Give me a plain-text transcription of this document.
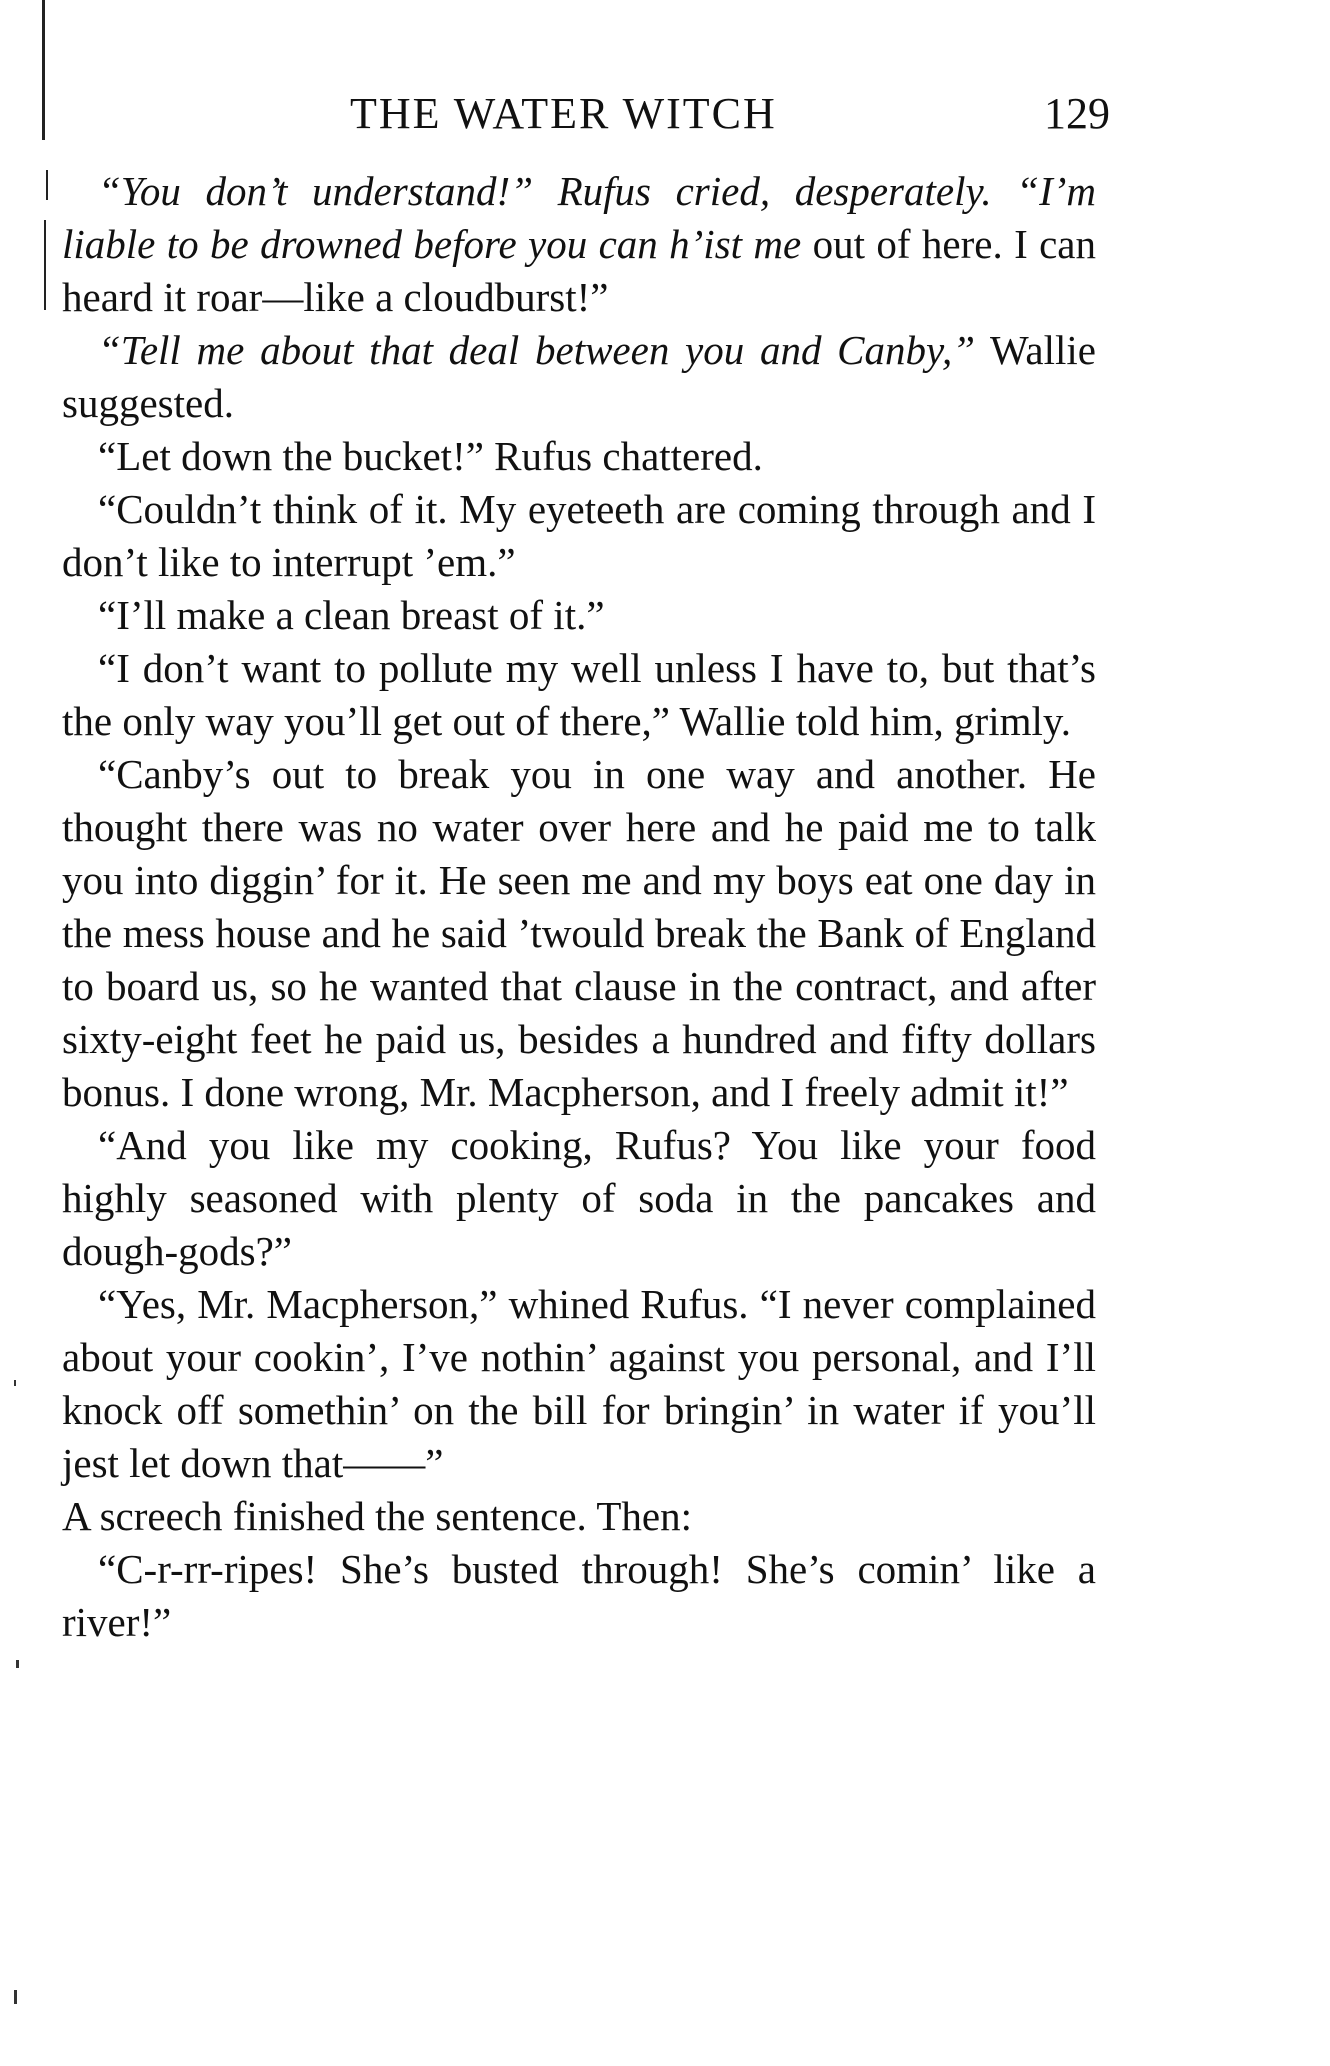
THE WATER WITCH	129

“You don’t understand!” Rufus cried, desperately. “I’m liable to be drowned before you can h’ist me out of here. I can heard it roar—like a cloudburst!”

“Tell me about that deal between you and Canby,” Wallie suggested.

“Let down the bucket!” Rufus chattered.

“Couldn’t think of it. My eyeteeth are coming through and I don’t like to interrupt ’em.”

“I’ll make a clean breast of it.”

“I don’t want to pollute my well unless I have to, but that’s the only way you’ll get out of there,” Wallie told him, grimly.

“Canby’s out to break you in one way and another. He thought there was no water over here and he paid me to talk you into diggin’ for it. He seen me and my boys eat one day in the mess house and he said ’twould break the Bank of England to board us, so he wanted that clause in the contract, and after sixty-eight feet he paid us, besides a hundred and fifty dollars bonus. I done wrong, Mr. Macpherson, and I freely admit it!”

“And you like my cooking, Rufus? You like your food highly seasoned with plenty of soda in the pancakes and dough-gods?”

“Yes, Mr. Macpherson,” whined Rufus. “I never complained about your cookin’, I’ve nothin’ against you personal, and I’ll knock off somethin’ on the bill for bringin’ in water if you’ll jest let down that——”

A screech finished the sentence. Then:

“C-r-rr-ripes! She’s busted through! She’s comin’ like a river!”
